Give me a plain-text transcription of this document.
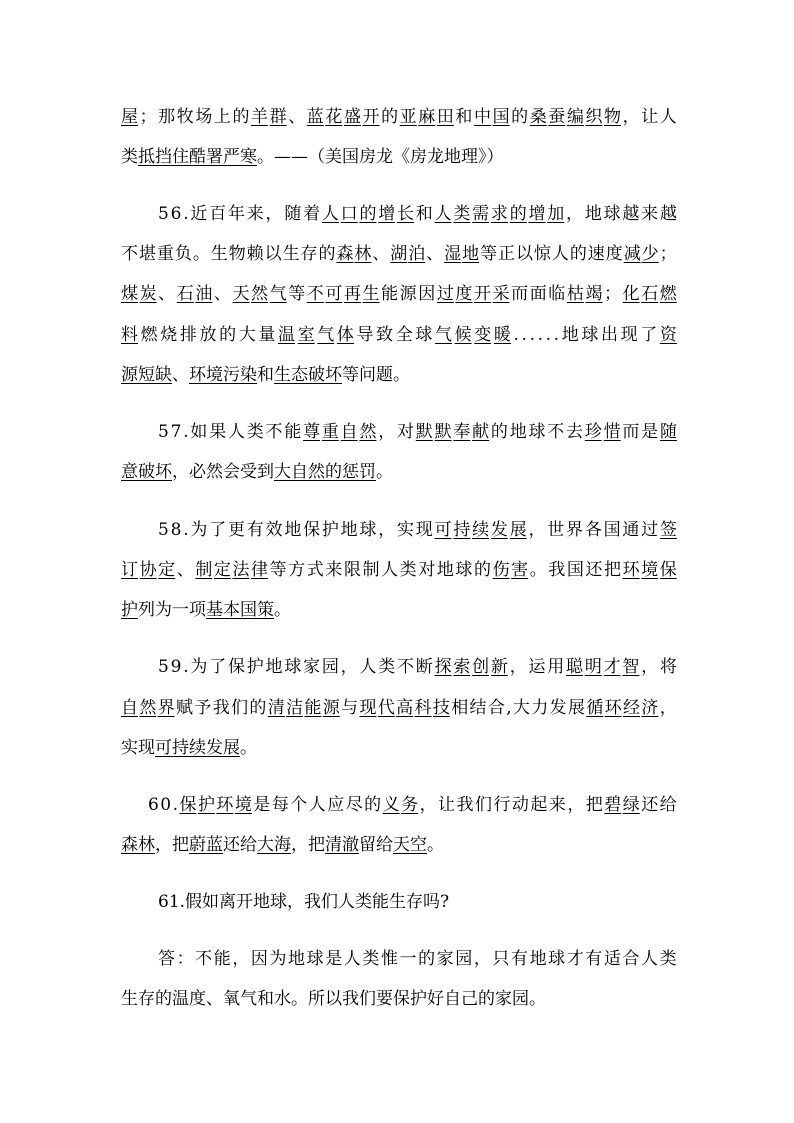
屋 ； 那 牧 场 上 的 羊 群 、 蓝 花 盛 开 的 亚 麻 田 和 中 国 的 桑 蚕 编 织 物 ， 让 人
类 抵挡住酷署严寒 。——（美国房龙《房龙地理》）
5 6 . 近 百 年 来 ， 随 着 人 口 的 增 长 和 人 类 需 求 的 增 加 ， 地 球 越 来 越
不 堪 重 负 。 生 物 赖 以 生 存 的 森 林 、 湖 泊 、 湿 地 等 正 以 惊 人 的 速 度 减 少 ；
煤 炭 、 石 油 、 天 然 气 等 不 可 再 生 能 源 因 过 度 开 采 而 面 临 枯 竭 ； 化 石 燃
料 燃 烧 排 放 的 大 量 温 室 气 体 导 致 全 球 气 候 变 暖 . . . . . . 地 球 出 现 了 资
源短缺 、 环境污染 和 生态破坏 等问题。
5 7 . 如 果 人 类 不 能 尊 重 自 然 ， 对 默 默 奉 献 的 地 球 不 去 珍 惜 而 是 随
意破坏 ，必然会受到 大自然的惩罚 。
5 8 . 为 了 更 有 效 地 保 护 地 球 ， 实 现 可 持 续 发 展 ， 世 界 各 国 通 过 签
订 协 定 、 制 定 法 律 等 方 式 来 限 制 人 类 对 地 球 的 伤 害 。 我 国 还 把 环 境 保
护 列为一项 基本国策 。
5 9 . 为 了 保 护 地 球 家 园 ， 人 类 不 断 探 索 创 新 ， 运 用 聪 明 才 智 ， 将
自 然 界 赋 予 我 们 的 清 洁 能 源 与 现 代 高 科 技 相 结 合 , 大 力 发 展 循 环 经 济 ，
实现 可持续发展 。
6 0 . 保 护 环 境 是 每 个 人 应 尽 的 义 务 ， 让 我 们 行 动 起 来 ， 把 碧 绿 还 给
森林 ，把 蔚蓝 还给 大海 ，把 清澈 留给 天空 。
61.假如离开地球，我们人类能生存吗?
答 ： 不 能 ， 因 为 地 球 是 人 类 惟 一 的 家 园 ， 只 有 地 球 才 有 适 合 人 类
生存的温度、氧气和水。所以我们要保护好自己的家园。
